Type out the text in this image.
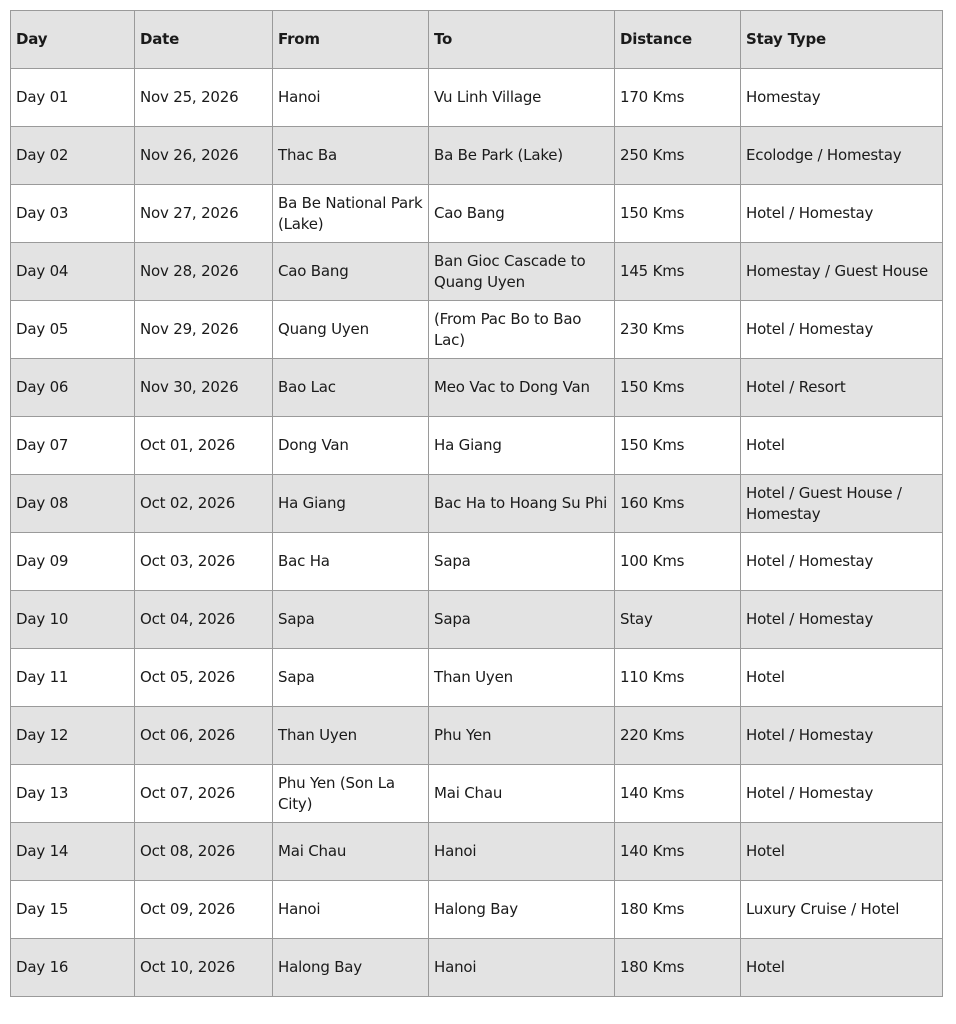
Day	Date	From	To	Distance	Stay Type
Day 01	Nov 25, 2026	Hanoi	Vu Linh Village	170 Kms	Homestay
Day 02	Nov 26, 2026	Thac Ba	Ba Be Park (Lake)	250 Kms	Ecolodge / Homestay
Day 03	Nov 27, 2026	Ba Be National Park (Lake)	Cao Bang	150 Kms	Hotel / Homestay
Day 04	Nov 28, 2026	Cao Bang	Ban Gioc Cascade to Quang Uyen	145 Kms	Homestay / Guest House
Day 05	Nov 29, 2026	Quang Uyen	(From Pac Bo to Bao Lac)	230 Kms	Hotel / Homestay
Day 06	Nov 30, 2026	Bao Lac	Meo Vac to Dong Van	150 Kms	Hotel / Resort
Day 07	Oct 01, 2026	Dong Van	Ha Giang	150 Kms	Hotel
Day 08	Oct 02, 2026	Ha Giang	Bac Ha to Hoang Su Phi	160 Kms	Hotel / Guest House / Homestay
Day 09	Oct 03, 2026	Bac Ha	Sapa	100 Kms	Hotel / Homestay
Day 10	Oct 04, 2026	Sapa	Sapa	Stay	Hotel / Homestay
Day 11	Oct 05, 2026	Sapa	Than Uyen	110 Kms	Hotel
Day 12	Oct 06, 2026	Than Uyen	Phu Yen	220 Kms	Hotel / Homestay
Day 13	Oct 07, 2026	Phu Yen (Son La City)	Mai Chau	140 Kms	Hotel / Homestay
Day 14	Oct 08, 2026	Mai Chau	Hanoi	140 Kms	Hotel
Day 15	Oct 09, 2026	Hanoi	Halong Bay	180 Kms	Luxury Cruise / Hotel
Day 16	Oct 10, 2026	Halong Bay	Hanoi	180 Kms	Hotel
